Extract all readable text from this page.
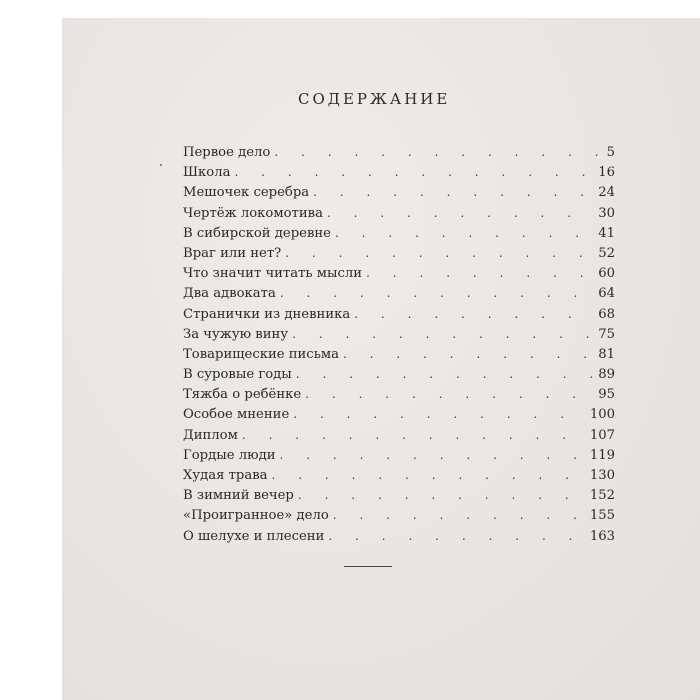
СОДЕРЖАНИЕ
Первое дело .	5
Школа .	16
Мешочек серебра .	24
Чертёж локомотива .	30
В сибирской деревне .	41
Враг или нет? .	52
Что значит читать мысли .	60
Два адвоката .	64
Странички из дневника .	68
За чужую вину .	75
Товарищеские письма .	81
В суровые годы .	89
Тяжба о ребёнке .	95
Особое мнение .	100
Диплом .	107
Гордые люди .	119
Худая трава .	130
В зимний вечер .	152
«Проигранное» дело .	155
О шелухе и плесени .	163
